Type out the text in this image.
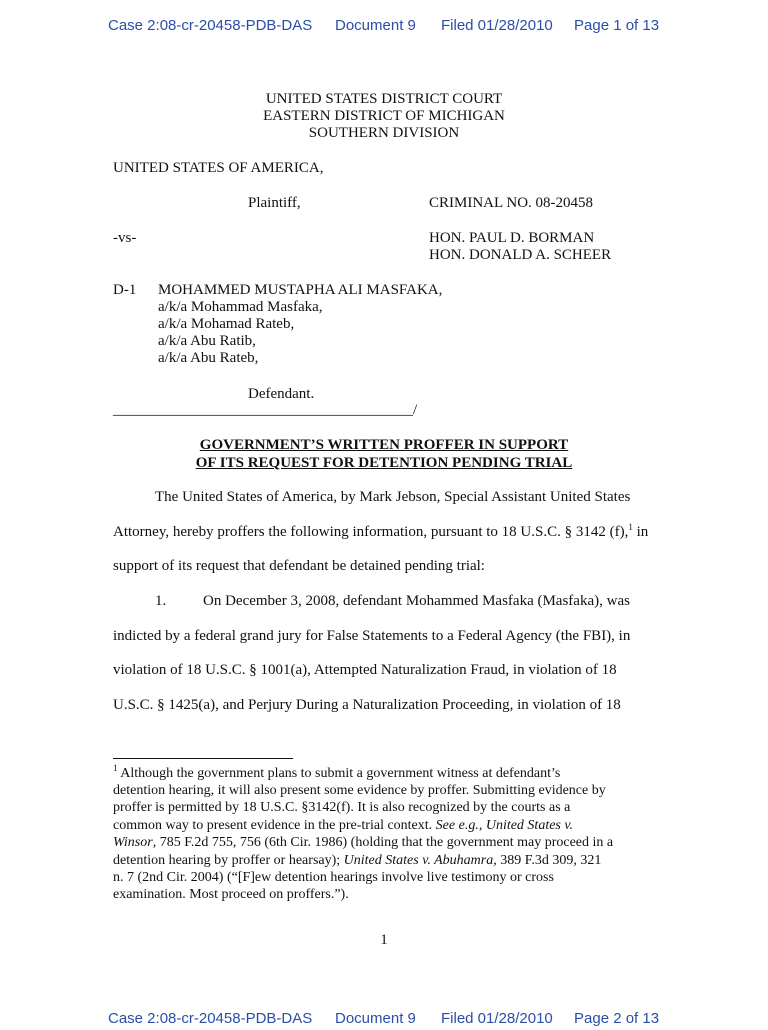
Case 2:08-cr-20458-PDB-DAS Document 9 Filed 01/28/2010 Page 1 of 13
UNITED STATES DISTRICT COURT
EASTERN DISTRICT OF MICHIGAN
SOUTHERN DIVISION
UNITED STATES OF AMERICA,
Plaintiff,	CRIMINAL NO. 08-20458
-vs-	HON. PAUL D. BORMAN
HON. DONALD A. SCHEER
D-1 MOHAMMED MUSTAPHA ALI MASFAKA,
a/k/a Mohammad Masfaka,
a/k/a Mohamad Rateb,
a/k/a Abu Ratib,
a/k/a Abu Rateb,
Defendant.
________________________________________/
GOVERNMENT’S WRITTEN PROFFER IN SUPPORT
OF ITS REQUEST FOR DETENTION PENDING TRIAL
The United States of America, by Mark Jebson, Special Assistant United States
Attorney, hereby proffers the following information, pursuant to 18 U.S.C. § 3142 (f),$^1$ in
support of its request that defendant be detained pending trial:
1. On December 3, 2008, defendant Mohammed Masfaka (Masfaka), was
indicted by a federal grand jury for False Statements to a Federal Agency (the FBI), in
violation of 18 U.S.C. § 1001(a), Attempted Naturalization Fraud, in violation of 18
U.S.C. § 1425(a), and Perjury During a Naturalization Proceeding, in violation of 18
$^1$ Although the government plans to submit a government witness at defendant’s
detention hearing, it will also present some evidence by proffer. Submitting evidence by
proffer is permitted by 18 U.S.C. §3142(f). It is also recognized by the courts as a
common way to present evidence in the pre-trial context. See e.g., United States v.
Winsor, 785 F.2d 755, 756 (6th Cir. 1986) (holding that the government may proceed in a
detention hearing by proffer or hearsay); United States v. Abuhamra, 389 F.3d 309, 321
n. 7 (2nd Cir. 2004) (“[F]ew detention hearings involve live testimony or cross
examination. Most proceed on proffers.”).
1
Case 2:08-cr-20458-PDB-DAS Document 9 Filed 01/28/2010 Page 2 of 13
